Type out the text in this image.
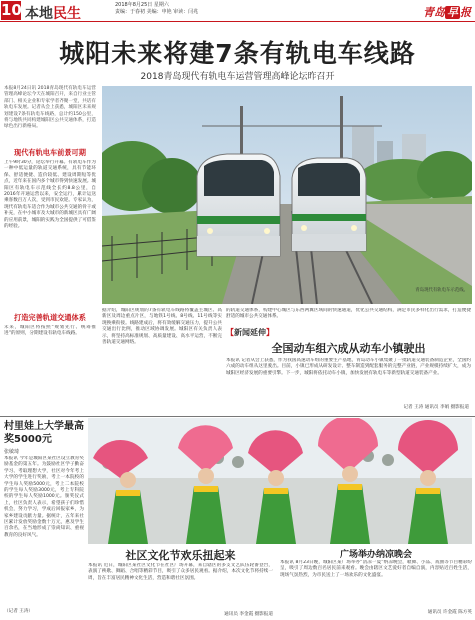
10 本地民生
2018年8月25日 星期六
责编：于春初 美编：申艳 审读：闫兆	青岛 早 报
城阳未来将建7条有轨电车线路
2018青岛现代有轨电车运营管理高峰论坛昨召开

本报8月24日讯 2018青岛现代有轨电车运营管理高峰论坛今天在城阳召开，来自行业主管部门、相关企业和专家学者齐聚一堂，共话有轨电车发展。记者从会上获悉，城阳区未来规划建设7条有轨电车线路，总计约150公里，将与地铁共同构建城阳区公共交通体系，打造绿色出行新格局。

现代有轨电车前景可期

上午9时30分，论坛举行开幕。有轨电车作为一种中低运量的轨道交通系统，具有节能环保、舒适便捷、造价较低、建设周期短等优点，近年来在国内多个城市得到快速发展。城阳区有轨电车示范线全长约8.8公里，自2016年开通运营以来，安全运行，累计运送乘客数百万人次，受到市民欢迎。专家认为，现代有轨电车适合作为城市公共交通的骨干或补充，在中小城市及大城市的新城区具有广阔的应用前景，城阳的实践为全国提供了可借鉴的经验。

打造完善轨道交通体系

未来，城阳区将按照“规划先行、统筹推进”的原则，分期建设有轨电车线路。

青岛现代有轨电车示范线。

据介绍，城阳区规划的7条有轨电车线路将覆盖主城区、高新区及周边重点片区，与地铁1号线、8号线、11号线等实现换乘衔接。线路建成后，将有效缓解交通压力，提升公共交通出行比例，推动区域协调发展。城阳区有关负责人表示，将坚持高标准规划、高质量建设、高水平运营，不断完善轨道交通网络。

的轨道交通体系，构建中心城区与东西两翼区域间的快速通道，优化公共交通结构，满足市民多样化出行需求，打造便捷舒适的城市公共交通体系。

【新闻延伸】
全国动车组六成从动车小镇驶出

本报讯 记者从会上获悉，作为我国高速动车组的重要生产基地，青岛动车小镇集聚了一批轨道交通装备制造企业，全国约六成的动车组从这里驶出。目前，小镇已形成从研发设计、整车制造到配套服务的完整产业链，产业规模持续扩大，成为城阳区经济发展的重要引擎。下一步，城阳将依托动车小镇，加快发展有轨电车等新型轨道交通装备产业。

记者 王涛 通讯员 李娟 摄影报道
村里娃上大学最高奖5000元
张敏琦

本报讯 今年是城阳区某社区设立教育奖励基金的第五年。为鼓励社区学子勤奋学习、考取理想大学，社区对今年考上大学的学生进行奖励，考上一本院校的学生每人奖励5000元，考上二本院校的学生每人奖励3000元，考上专科院校的学生每人奖励1000元。颁奖仪式上，社区负责人表示，希望孩子们珍惜机会，努力学习，学成后回报家乡，为家乡建设贡献力量。据统计，五年来社区累计发放奖励金数十万元，惠及学生百余名，在当地形成了崇尚知识、重视教育的良好风气。

（记者 王涛）
社区文化节欢乐扭起来

本报讯 近日，城阳区某社区文化节在社区广场开幕，来自辖区的多支文艺队伍轮番登台，表演了秧歌、舞蹈、合唱等精彩节目，吸引了众多居民观看。据介绍，本次文化节将持续一周，旨在丰富居民精神文化生活，营造和谐社区氛围。

通讯员 李金霞 摄影报道
广场举办纳凉晚会

本报讯 8月23日晚，城阳区某广场举办“清凉一夏”纳凉晚会，歌舞、小品、戏曲等节目精彩纷呈，吸引了周边数百名居民前来观看。晚会由辖区文艺爱好者自编自演，内容贴近百姓生活，现场气氛热烈，为市民送上了一场欢乐的文化盛宴。

通讯员 许金霞 陈方英
